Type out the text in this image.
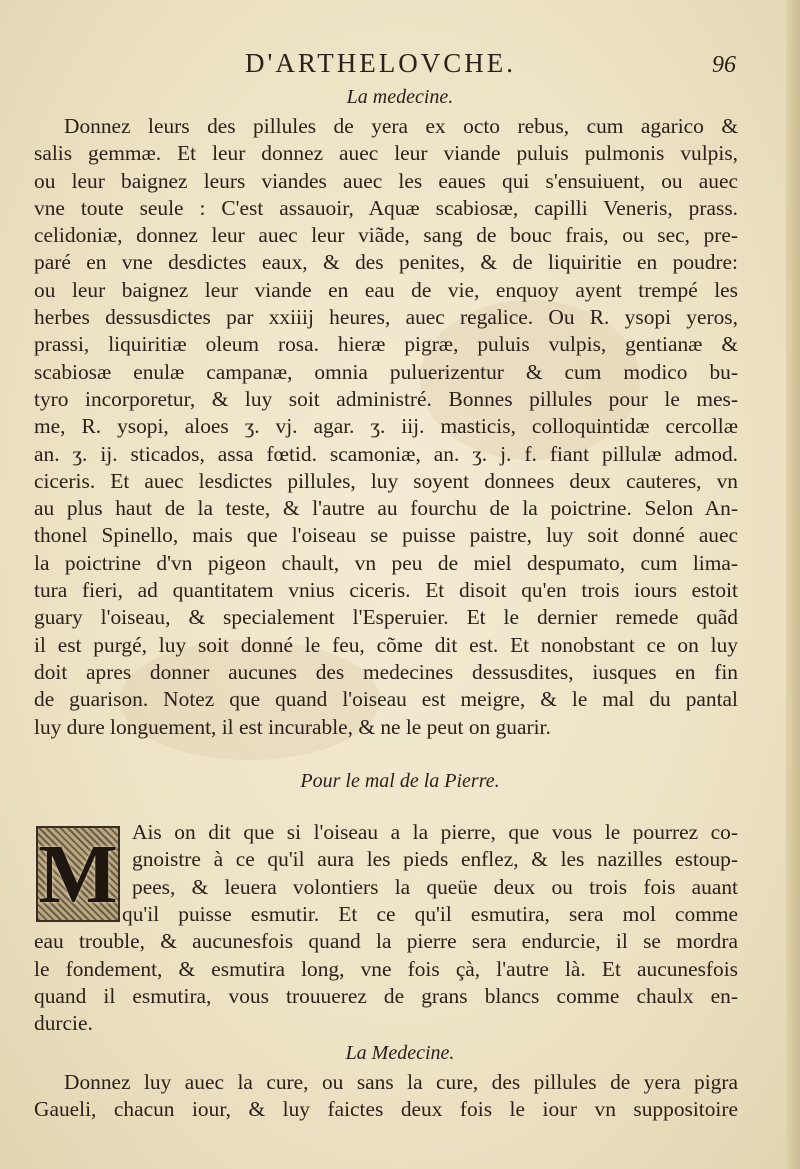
D'ARTHELOVCHE.	96
La medecine.
Donnez leurs des pillules de yera ex octo rebus, cum agarico &
salis gemmæ. Et leur donnez auec leur viande puluis pulmonis vulpis,
ou leur baignez leurs viandes auec les eaues qui s'ensuiuent, ou auec
vne toute seule : C'est assauoir, Aquæ scabiosæ, capilli Veneris, prass.
celidoniæ, donnez leur auec leur viãde, sang de bouc frais, ou sec, pre-
paré en vne desdictes eaux, & des penites, & de liquiritie en poudre:
ou leur baignez leur viande en eau de vie, enquoy ayent trempé les
herbes dessusdictes par xxiiij heures, auec regalice. Ou R. ysopi yeros,
prassi, liquiritiæ oleum rosa. hieræ pigræ, puluis vulpis, gentianæ &
scabiosæ enulæ campanæ, omnia puluerizentur & cum modico bu-
tyro incorporetur, & luy soit administré. Bonnes pillules pour le mes-
me, R. ysopi, aloes ʒ. vj. agar. ʒ. iij. masticis, colloquintidæ cercollæ
an. ʒ. ij. sticados, assa fœtid. scamoniæ, an. ʒ. j. f. fiant pillulæ admod.
ciceris. Et auec lesdictes pillules, luy soyent donnees deux cauteres, vn
au plus haut de la teste, & l'autre au fourchu de la poictrine. Selon An-
thonel Spinello, mais que l'oiseau se puisse paistre, luy soit donné auec
la poictrine d'vn pigeon chault, vn peu de miel despumato, cum lima-
tura fieri, ad quantitatem vnius ciceris. Et disoit qu'en trois iours estoit
guary l'oiseau, & specialement l'Esperuier. Et le dernier remede quãd
il est purgé, luy soit donné le feu, cõme dit est. Et nonobstant ce on luy
doit apres donner aucunes des medecines dessusdites, iusques en fin
de guarison. Notez que quand l'oiseau est meigre, & le mal du pantal
luy dure longuement, il est incurable, & ne le peut on guarir.
Pour le mal de la Pierre.
M Ais on dit que si l'oiseau a la pierre, que vous le pourrez co-
gnoistre à ce qu'il aura les pieds enflez, & les nazilles estoup-
pees, & leuera volontiers la queüe deux ou trois fois auant
qu'il puisse esmutir. Et ce qu'il esmutira, sera mol comme
eau trouble, & aucunesfois quand la pierre sera endurcie, il se mordra
le fondement, & esmutira long, vne fois çà, l'autre là. Et aucunesfois
quand il esmutira, vous trouuerez de grans blancs comme chaulx en-
durcie.
La Medecine.
Donnez luy auec la cure, ou sans la cure, des pillules de yera pigra
Gaueli, chacun iour, & luy faictes deux fois le iour vn suppositoire
